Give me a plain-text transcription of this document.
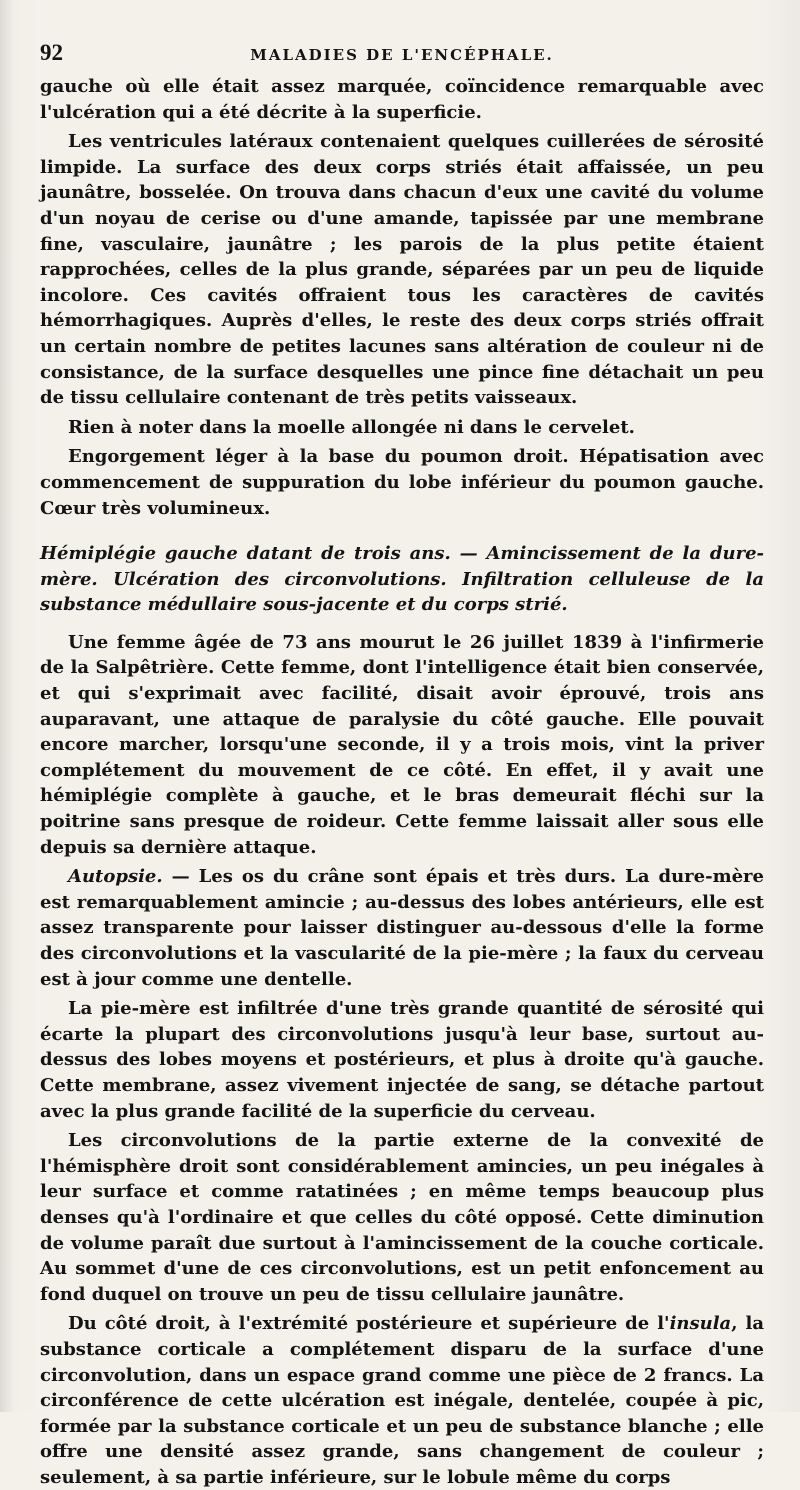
92	MALADIES DE L'ENCÉPHALE.

gauche où elle était assez marquée, coïncidence remarquable avec l'ulcération qui a été décrite à la superficie.

Les ventricules latéraux contenaient quelques cuillerées de sérosité limpide. La surface des deux corps striés était affaissée, un peu jaunâtre, bosselée. On trouva dans chacun d'eux une cavité du volume d'un noyau de cerise ou d'une amande, tapissée par une membrane fine, vasculaire, jaunâtre ; les parois de la plus petite étaient rapprochées, celles de la plus grande, séparées par un peu de liquide incolore. Ces cavités offraient tous les caractères de cavités hémorrhagiques. Auprès d'elles, le reste des deux corps striés offrait un certain nombre de petites lacunes sans altération de couleur ni de consistance, de la surface desquelles une pince fine détachait un peu de tissu cellulaire contenant de très petits vaisseaux.

Rien à noter dans la moelle allongée ni dans le cervelet.

Engorgement léger à la base du poumon droit. Hépatisation avec commencement de suppuration du lobe inférieur du poumon gauche. Cœur très volumineux.

Hémiplégie gauche datant de trois ans. — Amincissement de la dure-mère. Ulcération des circonvolutions. Infiltration celluleuse de la substance médullaire sous-jacente et du corps strié.

Une femme âgée de 73 ans mourut le 26 juillet 1839 à l'infirmerie de la Salpêtrière. Cette femme, dont l'intelligence était bien conservée, et qui s'exprimait avec facilité, disait avoir éprouvé, trois ans auparavant, une attaque de paralysie du côté gauche. Elle pouvait encore marcher, lorsqu'une seconde, il y a trois mois, vint la priver complétement du mouvement de ce côté. En effet, il y avait une hémiplégie complète à gauche, et le bras demeurait fléchi sur la poitrine sans presque de roideur. Cette femme laissait aller sous elle depuis sa dernière attaque.

Autopsie. — Les os du crâne sont épais et très durs. La dure-mère est remarquablement amincie ; au-dessus des lobes antérieurs, elle est assez transparente pour laisser distinguer au-dessous d'elle la forme des circonvolutions et la vascularité de la pie-mère ; la faux du cerveau est à jour comme une dentelle.

La pie-mère est infiltrée d'une très grande quantité de sérosité qui écarte la plupart des circonvolutions jusqu'à leur base, surtout au-dessus des lobes moyens et postérieurs, et plus à droite qu'à gauche. Cette membrane, assez vivement injectée de sang, se détache partout avec la plus grande facilité de la superficie du cerveau.

Les circonvolutions de la partie externe de la convexité de l'hémisphère droit sont considérablement amincies, un peu inégales à leur surface et comme ratatinées ; en même temps beaucoup plus denses qu'à l'ordinaire et que celles du côté opposé. Cette diminution de volume paraît due surtout à l'amincissement de la couche corticale. Au sommet d'une de ces circonvolutions, est un petit enfoncement au fond duquel on trouve un peu de tissu cellulaire jaunâtre.

Du côté droit, à l'extrémité postérieure et supérieure de l'insula, la substance corticale a complétement disparu de la surface d'une circonvolution, dans un espace grand comme une pièce de 2 francs. La circonférence de cette ulcération est inégale, dentelée, coupée à pic, formée par la substance corticale et un peu de substance blanche ; elle offre une densité assez grande, sans changement de couleur ; seulement, à sa partie inférieure, sur le lobule même du corps
